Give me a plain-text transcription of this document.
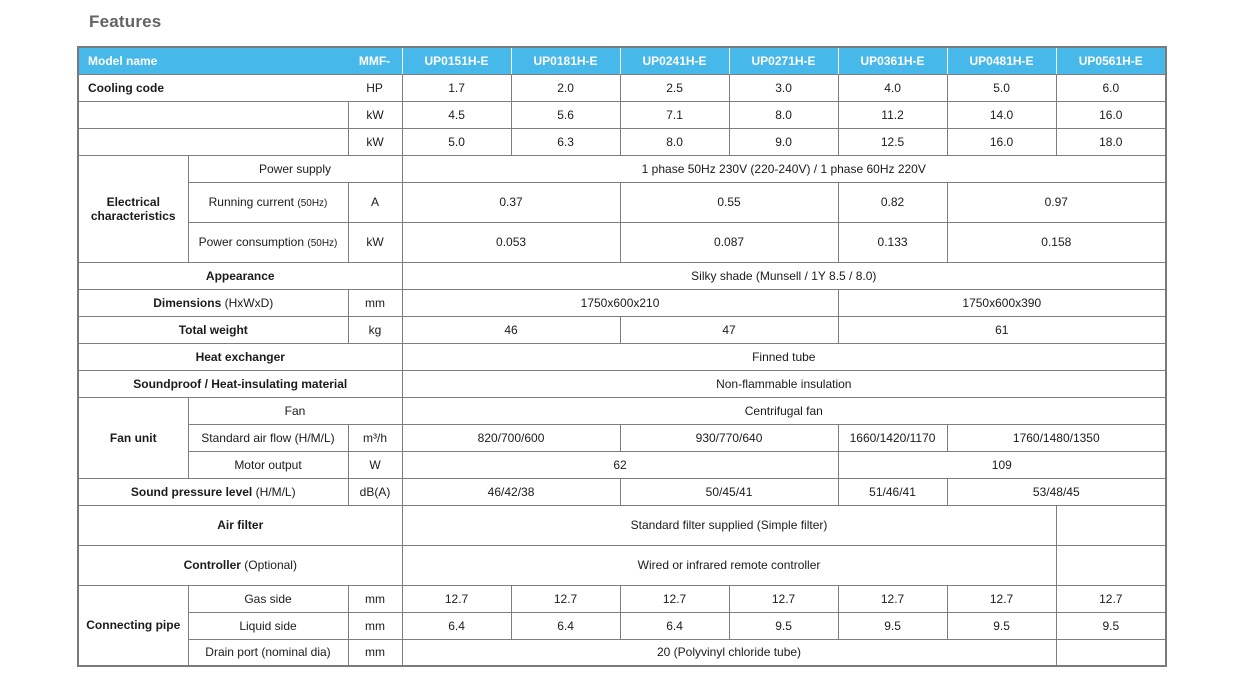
Features
Model name MMF-			UP0151H-E	UP0181H-E	UP0241H-E	UP0271H-E	UP0361H-E	UP0481H-E	UP0561H-E

Cooling code HP			1.7	2.0	2.5	3.0	4.0	5.0	6.0
Cooling capacity		kW	4.5	5.6	7.1	8.0	11.2	14.0	16.0
Heating capacity		kW	5.0	6.3	8.0	9.0	12.5	16.0	18.0
Electrical characteristics	Power supply		1 phase 50Hz 230V (220-240V) / 1 phase 60Hz 220V						
	Running current (50Hz)	A	0.37		0.55		0.82	0.97	
	Power consumption (50Hz)	kW	0.053		0.087		0.133	0.158	
Appearance			Silky shade (Munsell / 1Y 8.5 / 8.0)						
Dimensions (HxWxD)		mm	1750x600x210				1750x600x390		
Total weight		kg	46		47		61		
Heat exchanger			Finned tube						
Soundproof / Heat-insulating material			Non-flammable insulation						
Fan unit	Fan		Centrifugal fan						
	Standard air flow (H/M/L)	m³/h	820/700/600		930/770/640		1660/1420/1170	1760/1480/1350	
	Motor output	W	62				109		
Sound pressure level (H/M/L)		dB(A)	46/42/38		50/45/41		51/46/41	53/48/45	
Air filter			Standard filter supplied (Simple filter)						
Controller (Optional)			Wired or infrared remote controller						
Connecting pipe	Gas side	mm	12.7	12.7	12.7	12.7	12.7	12.7	12.7
	Liquid side	mm	6.4	6.4	6.4	9.5	9.5	9.5	9.5
	Drain port (nominal dia)	mm	20 (Polyvinyl chloride tube)						
